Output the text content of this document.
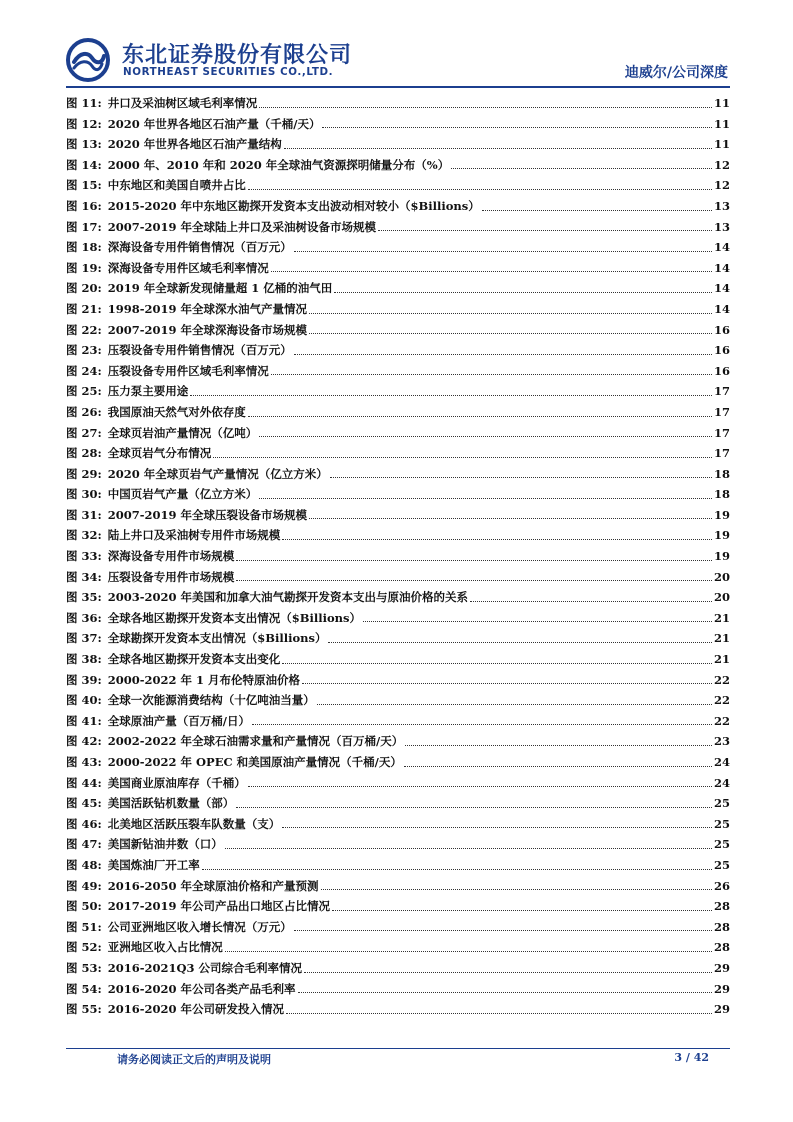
东北证券股份有限公司
NORTHEAST SECURITIES CO.,LTD.	迪威尔/公司深度
图 11: 井口及采油树区域毛利率情况	11
图 12: 2020 年世界各地区石油产量（千桶/天）	11
图 13: 2020 年世界各地区石油产量结构	11
图 14: 2000 年、2010 年和 2020 年全球油气资源探明储量分布（%）	12
图 15: 中东地区和美国自喷井占比	12
图 16: 2015-2020 年中东地区勘探开发资本支出波动相对较小（$Billions）	13
图 17: 2007-2019 年全球陆上井口及采油树设备市场规模	13
图 18: 深海设备专用件销售情况（百万元）	14
图 19: 深海设备专用件区域毛利率情况	14
图 20: 2019 年全球新发现储量超 1 亿桶的油气田	14
图 21: 1998-2019 年全球深水油气产量情况	14
图 22: 2007-2019 年全球深海设备市场规模	16
图 23: 压裂设备专用件销售情况（百万元）	16
图 24: 压裂设备专用件区域毛利率情况	16
图 25: 压力泵主要用途	17
图 26: 我国原油天然气对外依存度	17
图 27: 全球页岩油产量情况（亿吨）	17
图 28: 全球页岩气分布情况	17
图 29: 2020 年全球页岩气产量情况（亿立方米）	18
图 30: 中国页岩气产量（亿立方米）	18
图 31: 2007-2019 年全球压裂设备市场规模	19
图 32: 陆上井口及采油树专用件市场规模	19
图 33: 深海设备专用件市场规模	19
图 34: 压裂设备专用件市场规模	20
图 35: 2003-2020 年美国和加拿大油气勘探开发资本支出与原油价格的关系	20
图 36: 全球各地区勘探开发资本支出情况（$Billions）	21
图 37: 全球勘探开发资本支出情况（$Billions）	21
图 38: 全球各地区勘探开发资本支出变化	21
图 39: 2000-2022 年 1 月布伦特原油价格	22
图 40: 全球一次能源消费结构（十亿吨油当量）	22
图 41: 全球原油产量（百万桶/日）	22
图 42: 2002-2022 年全球石油需求量和产量情况（百万桶/天）	23
图 43: 2000-2022 年 OPEC 和美国原油产量情况（千桶/天）	24
图 44: 美国商业原油库存（千桶）	24
图 45: 美国活跃钻机数量（部）	25
图 46: 北美地区活跃压裂车队数量（支）	25
图 47: 美国新钻油井数（口）	25
图 48: 美国炼油厂开工率	25
图 49: 2016-2050 年全球原油价格和产量预测	26
图 50: 2017-2019 年公司产品出口地区占比情况	28
图 51: 公司亚洲地区收入增长情况（万元）	28
图 52: 亚洲地区收入占比情况	28
图 53: 2016-2021Q3 公司综合毛利率情况	29
图 54: 2016-2020 年公司各类产品毛利率	29
图 55: 2016-2020 年公司研发投入情况	29
请务必阅读正文后的声明及说明	3 / 42
